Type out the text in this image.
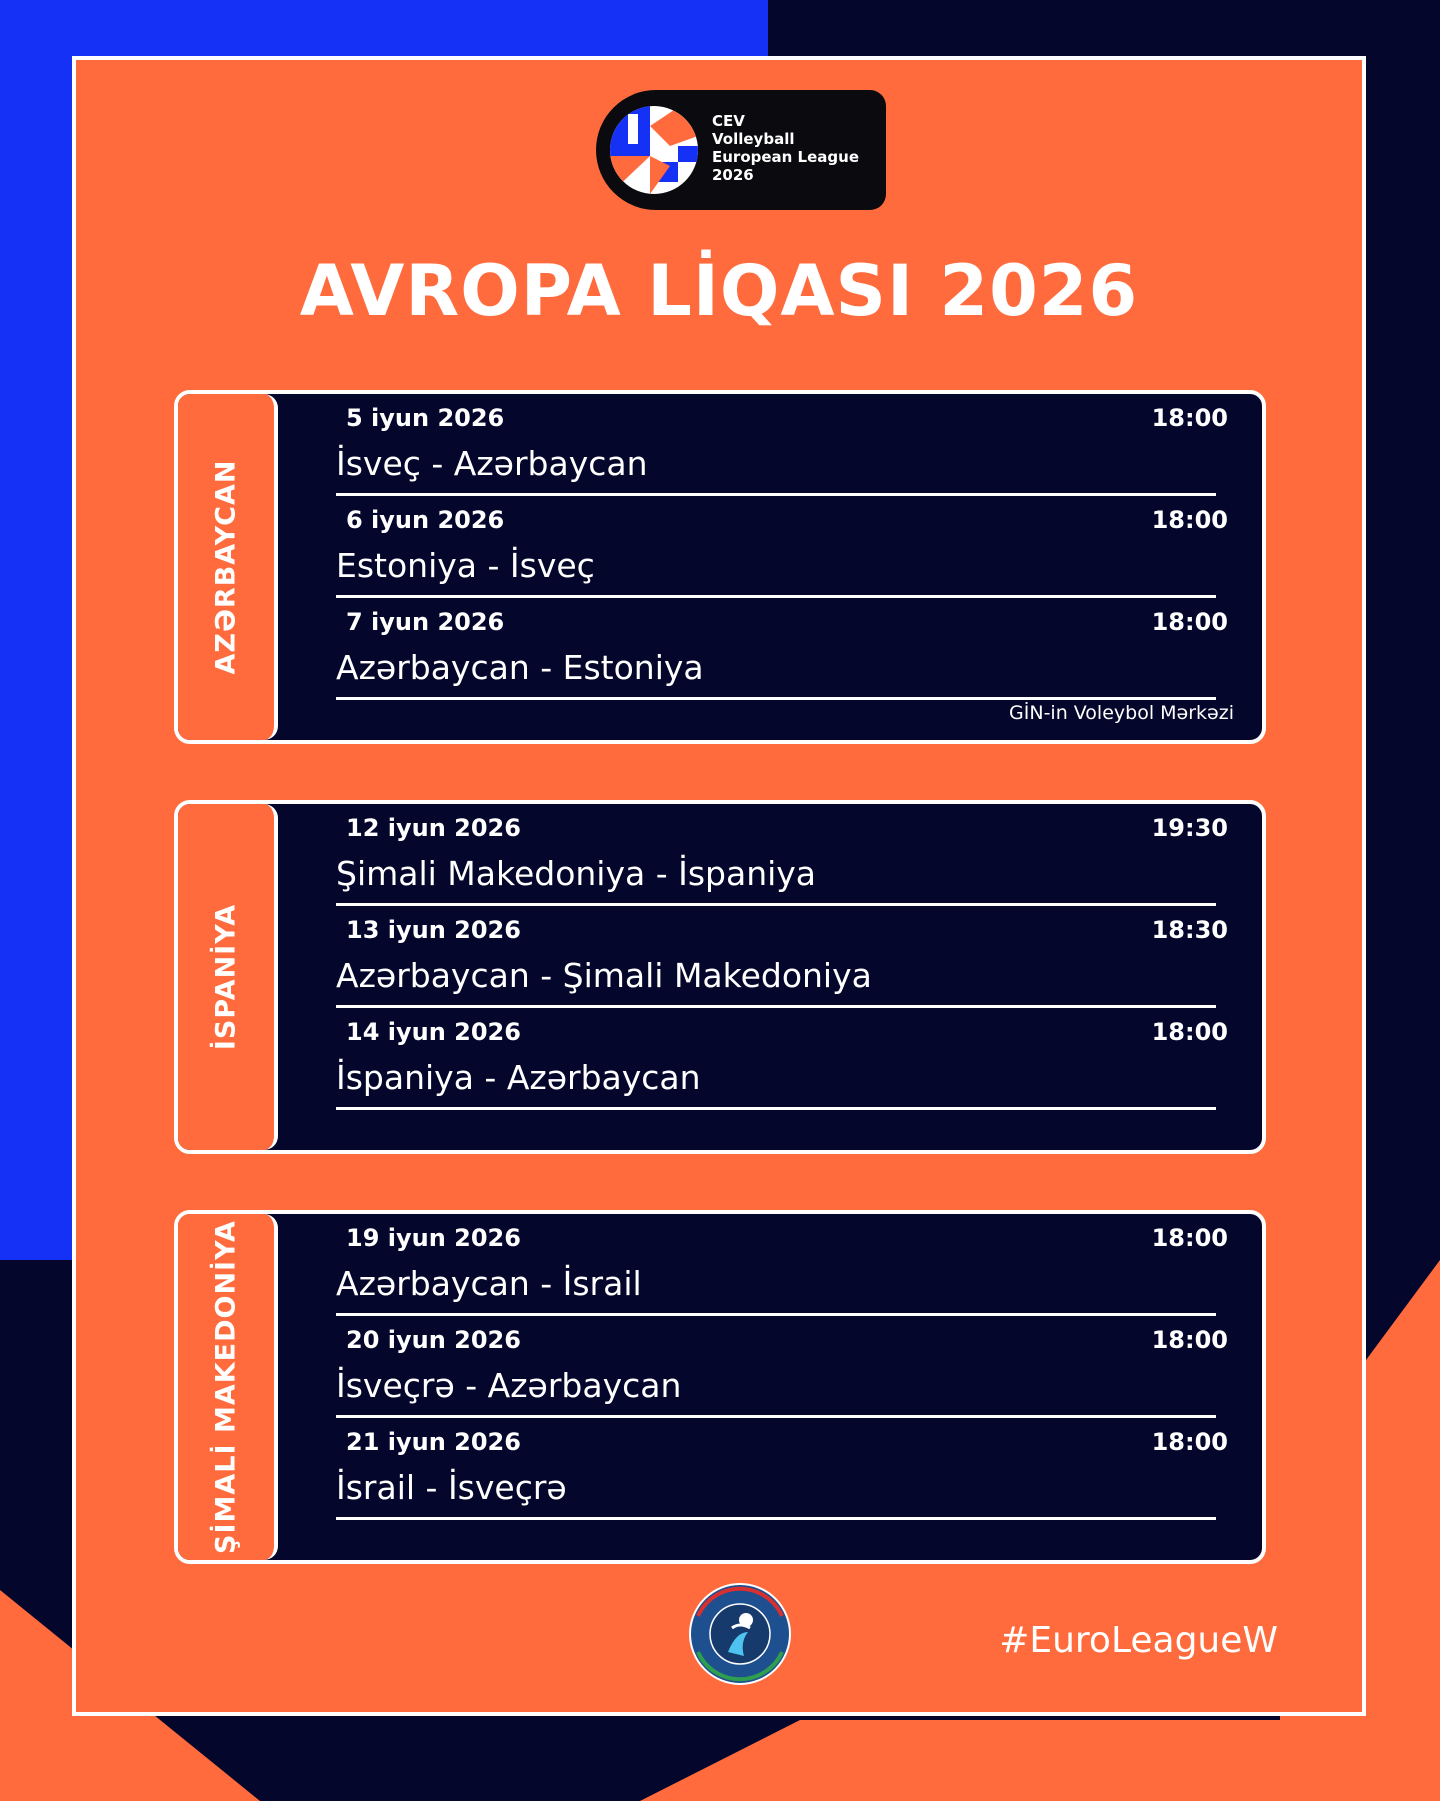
CEV
Volleyball
European League
2026
AVROPA LİQASI 2026
AZƏRBAYCAN
5 iyun 2026	18:00
İsveç - Azərbaycan
6 iyun 2026	18:00
Estoniya - İsveç
7 iyun 2026	18:00
Azərbaycan - Estoniya
GİN-in Voleybol Mərkəzi
İSPANİYA
12 iyun 2026	19:30
Şimali Makedoniya - İspaniya
13 iyun 2026	18:30
Azərbaycan - Şimali Makedoniya
14 iyun 2026	18:00
İspaniya - Azərbaycan
ŞİMALİ MAKEDONİYA	19 iyun 2026	18:00
Azərbaycan - İsrail
20 iyun 2026	18:00
İsveçrə - Azərbaycan
21 iyun 2026	18:00
İsrail - İsveçrə
#EuroLeagueW
